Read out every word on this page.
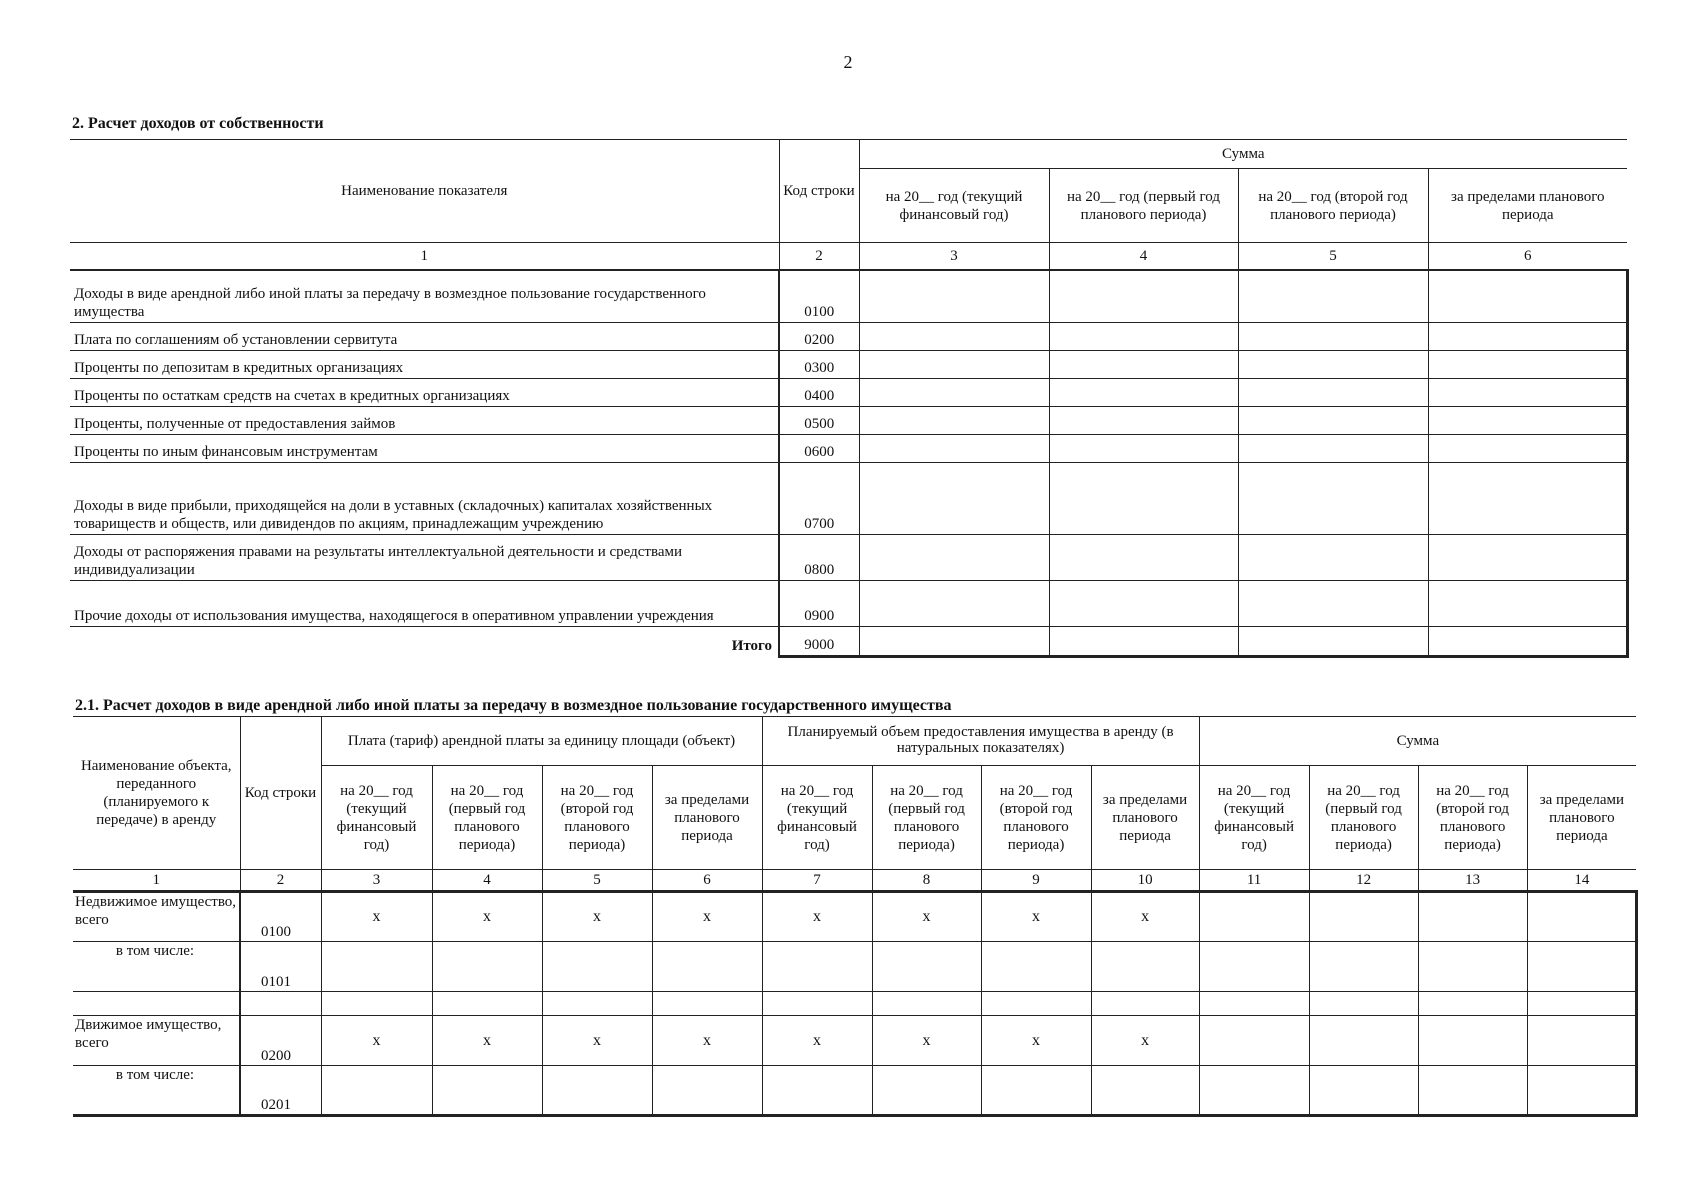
2
2. Расчет доходов от собственности
Наименование показателя	Код строки	Сумма			
		на 20__ год (текущий финансовый год)	на 20__ год (первый год планового периода)	на 20__ год (второй год планового периода)	за пределами планового периода
1	2	3	4	5	6
Доходы в виде арендной либо иной платы за передачу в возмездное пользование государственного имущества	0100				
Плата по соглашениям об установлении сервитута	0200				
Проценты по депозитам в кредитных организациях	0300				
Проценты по остаткам средств на счетах в кредитных организациях	0400				
Проценты, полученные от предоставления займов	0500				
Проценты по иным финансовым инструментам	0600				
Доходы в виде прибыли, приходящейся на доли в уставных (складочных) капиталах хозяйственных товариществ и обществ, или дивидендов по акциям, принадлежащим учреждению	0700				
Доходы от распоряжения правами на результаты интеллектуальной деятельности и средствами индивидуализации	0800				
Прочие доходы от использования имущества, находящегося в оперативном управлении учреждения	0900				
Итого	9000				
2.1. Расчет доходов в виде арендной либо иной платы за передачу в возмездное пользование государственного имущества
Наименование объекта, переданного (планируемого к передаче) в аренду	Код строки	Плата (тариф) арендной платы за единицу площади (объект)				Планируемый объем предоставления имущества в аренду (в натуральных показателях)				Сумма			
		на 20__ год (текущий финансовый год)	на 20__ год (первый год планового периода)	на 20__ год (второй год планового периода)	за пределами планового периода	на 20__ год (текущий финансовый год)	на 20__ год (первый год планового периода)	на 20__ год (второй год планового периода)	за пределами планового периода	на 20__ год (текущий финансовый год)	на 20__ год (первый год планового периода)	на 20__ год (второй год планового периода)	за пределами планового периода
1	2	3	4	5	6	7	8	9	10	11	12	13	14
Недвижимое имущество, всего	0100	x	x	x	x	x	x	x	x				
в том числе:	0101												

Движимое имущество, всего	0200	x	x	x	x	x	x	x	x				
в том числе:	0201												
